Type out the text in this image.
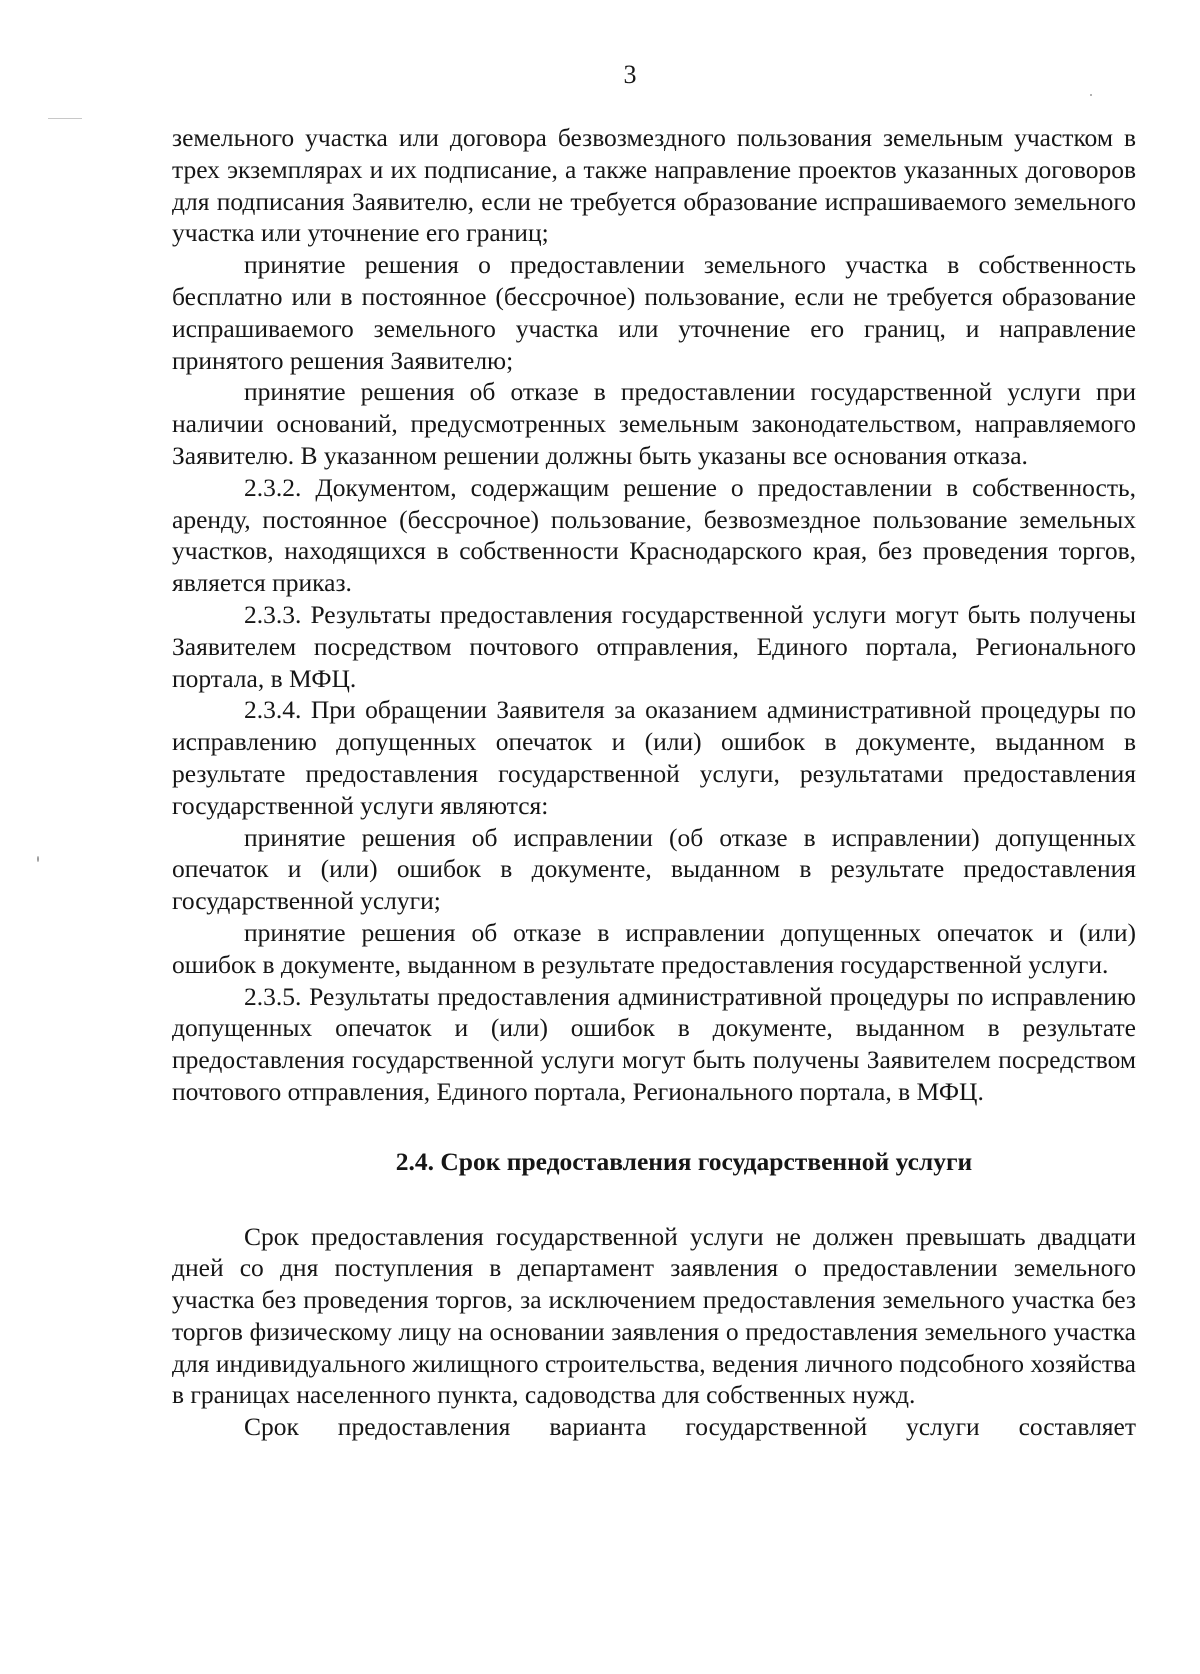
3

земельного участка или договора безвозмездного пользования земельным участком в трех экземплярах и их подписание, а также направление проектов указанных договоров для подписания Заявителю, если не требуется образование испрашиваемого земельного участка или уточнение его границ;

принятие решения о предоставлении земельного участка в собственность бесплатно или в постоянное (бессрочное) пользование, если не требуется образование испрашиваемого земельного участка или уточнение его границ, и направление принятого решения Заявителю;

принятие решения об отказе в предоставлении государственной услуги при наличии оснований, предусмотренных земельным законодательством, направляемого Заявителю. В указанном решении должны быть указаны все основания отказа.

2.3.2. Документом, содержащим решение о предоставлении в собственность, аренду, постоянное (бессрочное) пользование, безвозмездное пользование земельных участков, находящихся в собственности Краснодарского края, без проведения торгов, является приказ.

2.3.3. Результаты предоставления государственной услуги могут быть получены Заявителем посредством почтового отправления, Единого портала, Регионального портала, в МФЦ.

2.3.4. При обращении Заявителя за оказанием административной процедуры по исправлению допущенных опечаток и (или) ошибок в документе, выданном в результате предоставления государственной услуги, результатами предоставления государственной услуги являются:

принятие решения об исправлении (об отказе в исправлении) допущенных опечаток и (или) ошибок в документе, выданном в результате предоставления государственной услуги;

принятие решения об отказе в исправлении допущенных опечаток и (или) ошибок в документе, выданном в результате предоставления государственной услуги.

2.3.5. Результаты предоставления административной процедуры по исправлению допущенных опечаток и (или) ошибок в документе, выданном в результате предоставления государственной услуги могут быть получены Заявителем посредством почтового отправления, Единого портала, Регионального портала, в МФЦ.

2.4. Срок предоставления государственной услуги

Срок предоставления государственной услуги не должен превышать двадцати дней со дня поступления в департамент заявления о предоставлении земельного участка без проведения торгов, за исключением предоставления земельного участка без торгов физическому лицу на основании заявления о предоставления земельного участка для индивидуального жилищного строительства, ведения личного подсобного хозяйства в границах населенного пункта, садоводства для собственных нужд.

Срок предоставления варианта государственной услуги составляет
